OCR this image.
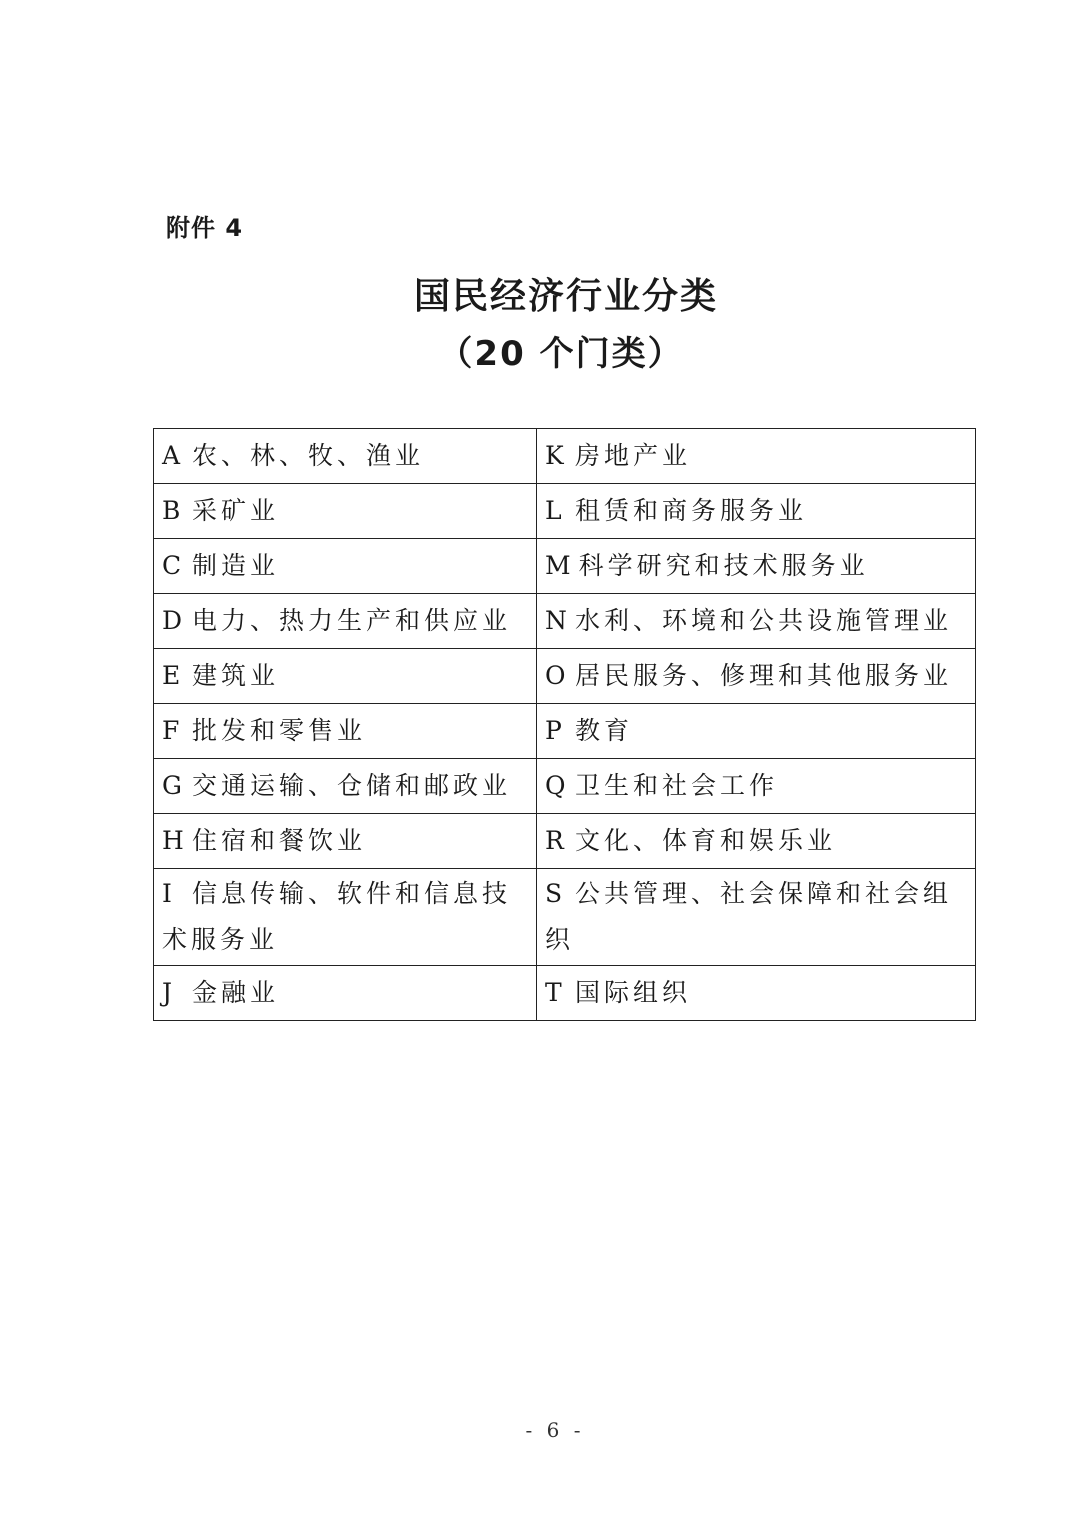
附件 4
国民经济行业分类
（20 个门类）
A 农、林、牧、渔业	K 房地产业
B 采矿业	L 租赁和商务服务业
C 制造业	M 科学研究和技术服务业
D 电力、热力生产和供应业	N 水利、环境和公共设施管理业
E 建筑业	O 居民服务、修理和其他服务业
F 批发和零售业	P 教育
G 交通运输、仓储和邮政业	Q 卫生和社会工作
H 住宿和餐饮业	R 文化、体育和娱乐业
I 信息传输、软件和信息技术服务业	S 公共管理、社会保障和社会组织
J 金融业	T 国际组织
- 6 -
